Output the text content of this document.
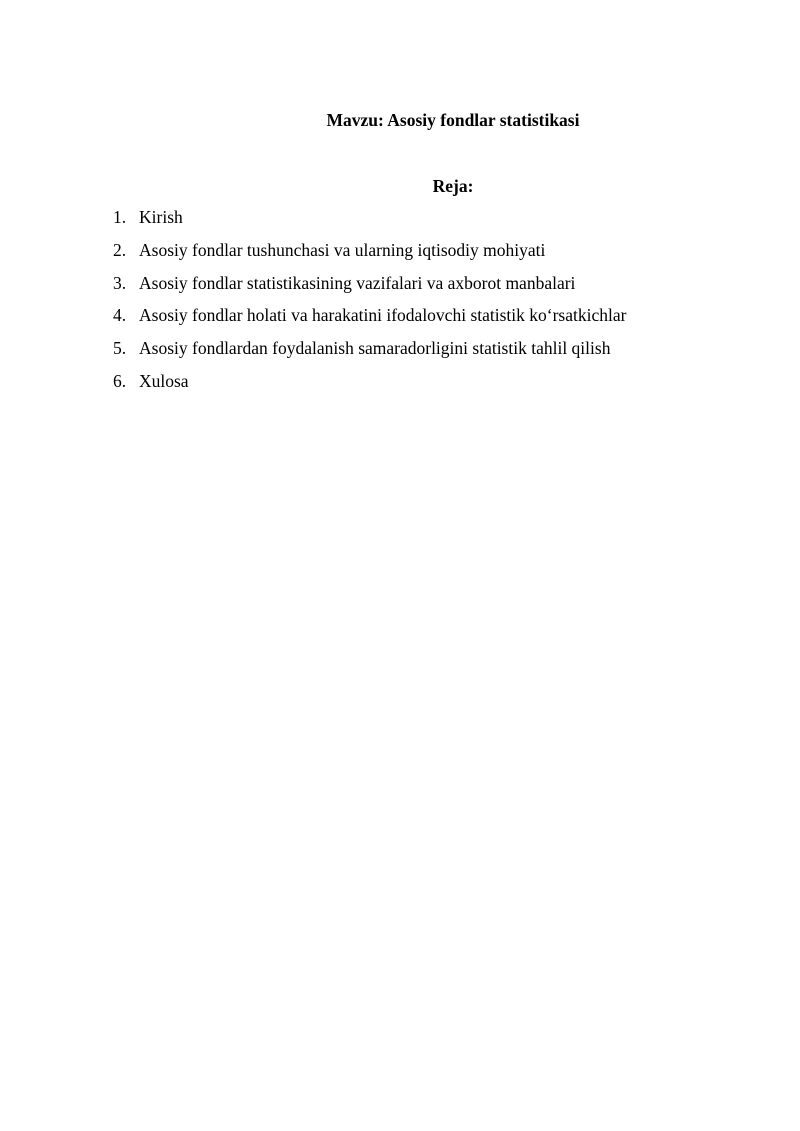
Mavzu: Asosiy fondlar statistikasi
Reja:
1. Kirish
2. Asosiy fondlar tushunchasi va ularning iqtisodiy mohiyati
3. Asosiy fondlar statistikasining vazifalari va axborot manbalari
4. Asosiy fondlar holati va harakatini ifodalovchi statistik ko‘rsatkichlar
5. Asosiy fondlardan foydalanish samaradorligini statistik tahlil qilish
6. Xulosa
